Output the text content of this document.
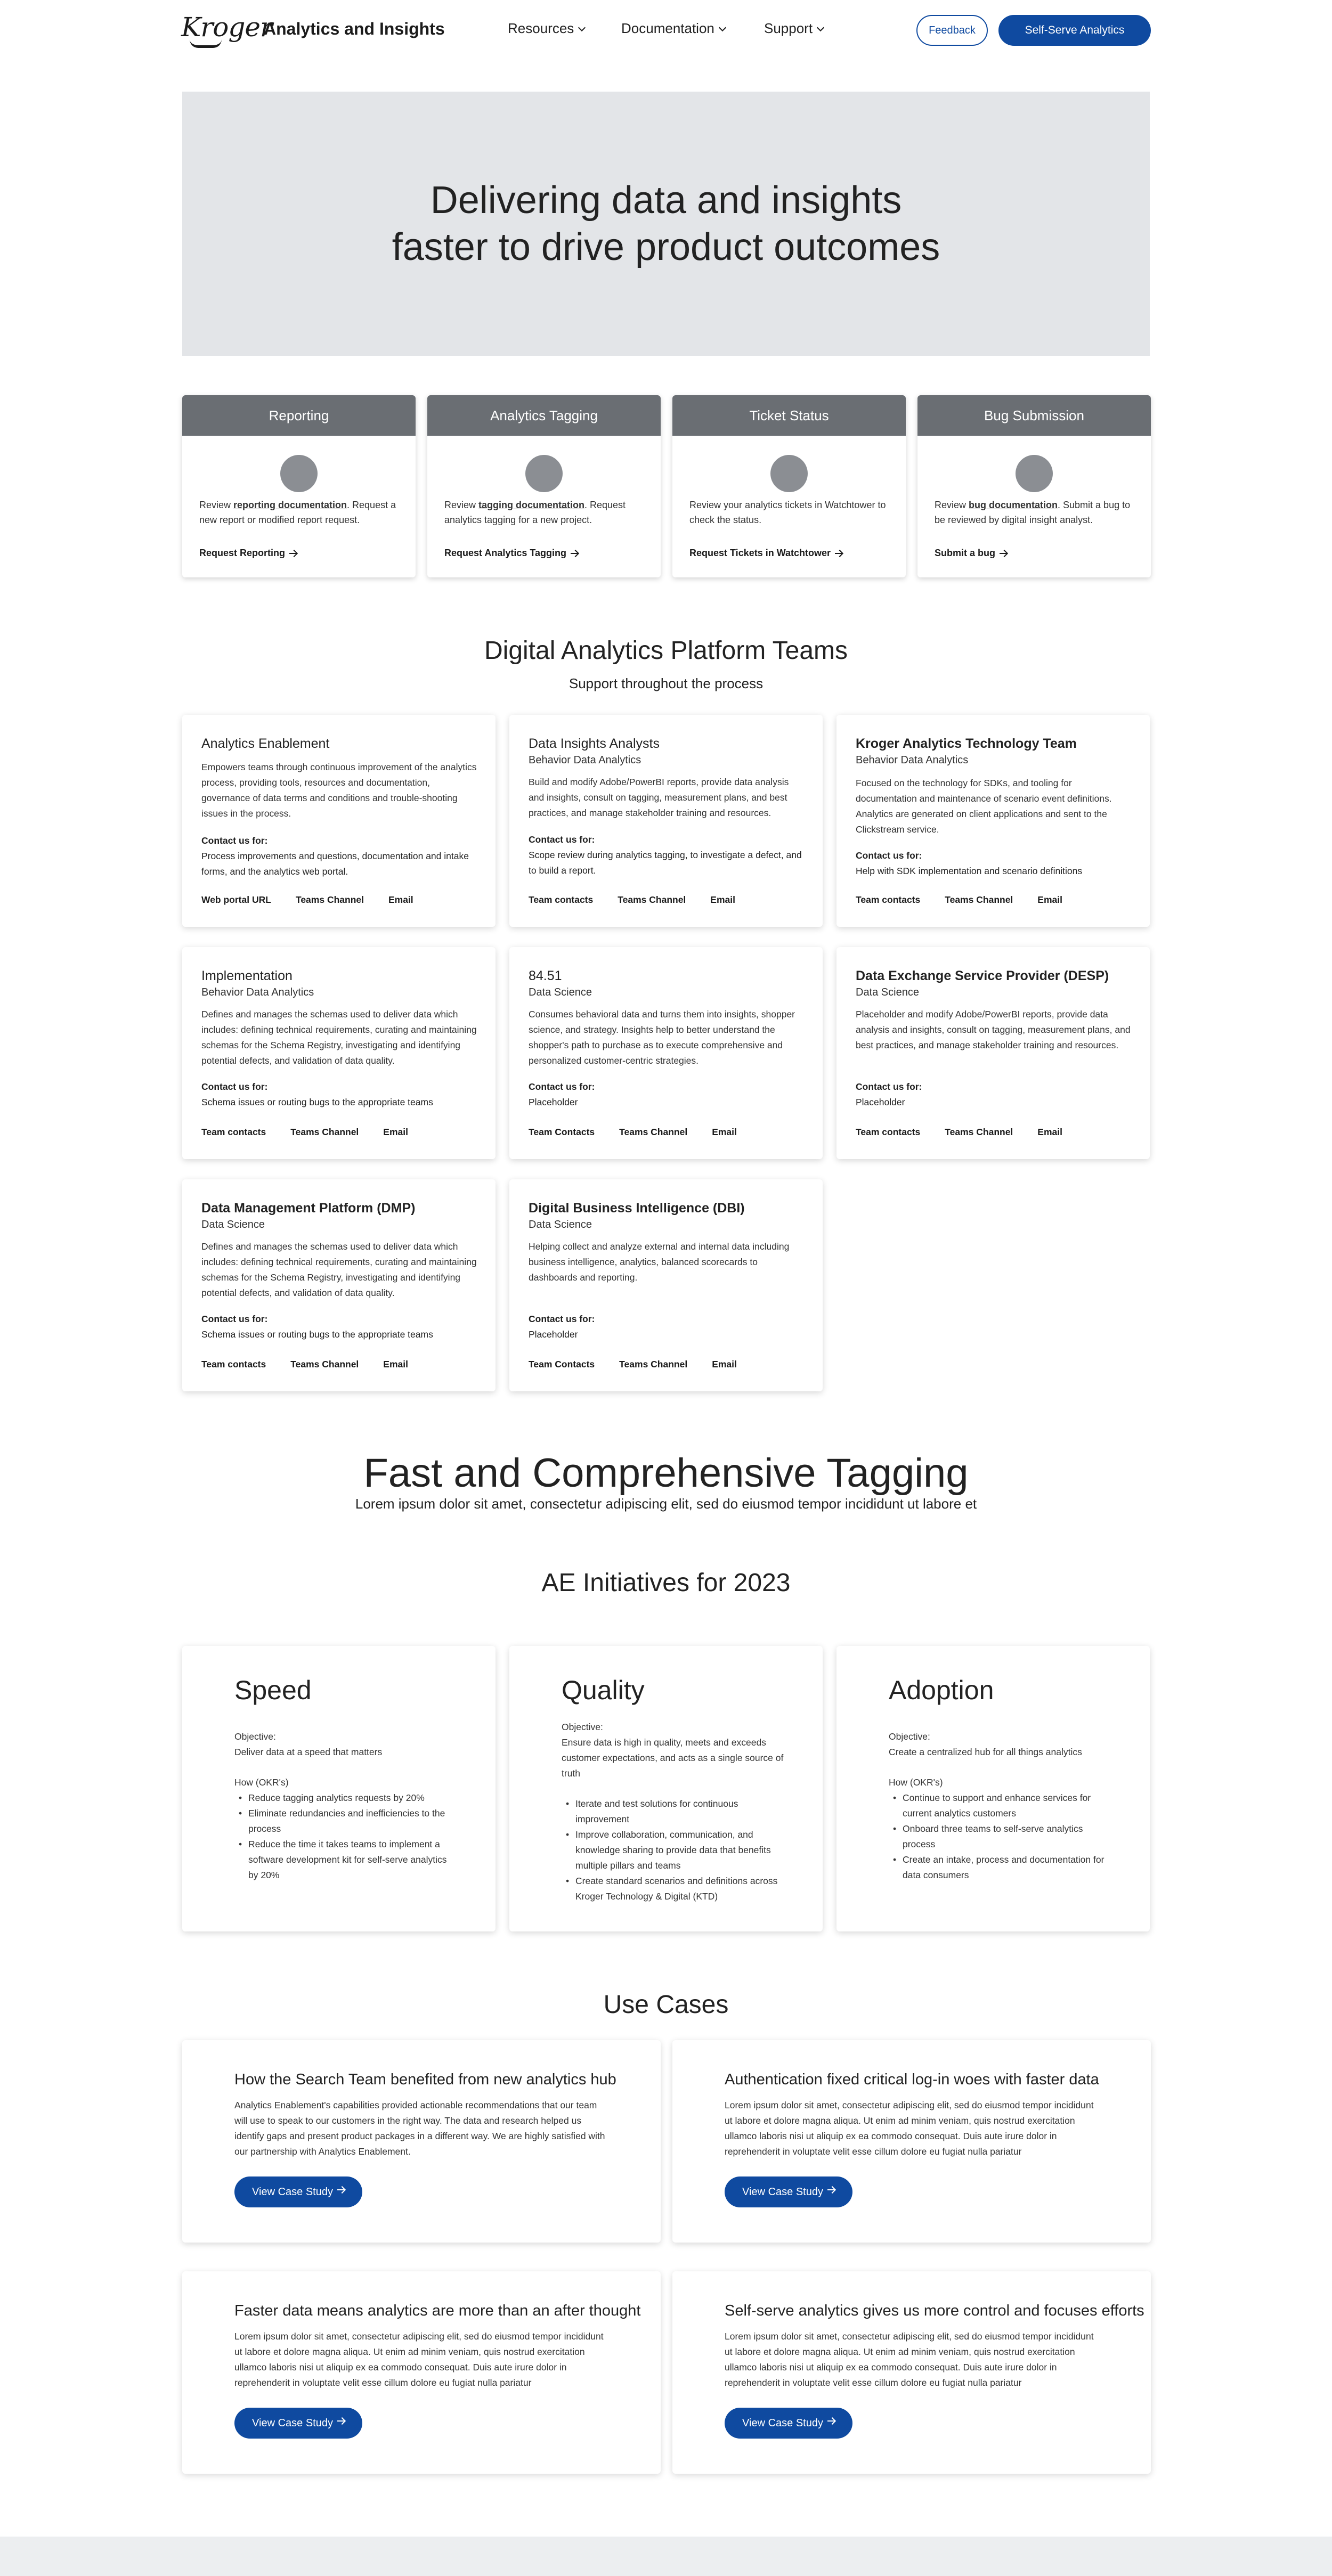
Kroger
Analytics and Insights	Resources	Documentation	Support	Feedback	Self-Serve Analytics
Delivering data and insights
faster to drive product outcomes
Reporting
Review reporting documentation. Request a new report or modified report request.
Request Reporting
Analytics Tagging
Review tagging documentation. Request analytics tagging for a new project.
Request Analytics Tagging
Ticket Status
Review your analytics tickets in Watchtower to check the status.
Request Tickets in Watchtower
Bug Submission
Review bug documentation. Submit a bug to be reviewed by digital insight analyst.
Submit a bug
Digital Analytics Platform Teams
Support throughout the process
Analytics Enablement
Empowers teams through continuous improvement of the analytics process, providing tools, resources and documentation, governance of data terms and conditions and trouble-shooting issues in the process.
Contact us for:
Process improvements and questions, documentation and intake forms, and the analytics web portal.
Web portal URL	Teams Channel	Email
Data Insights Analysts
Behavior Data Analytics
Build and modify Adobe/PowerBI reports, provide data analysis and insights, consult on tagging, measurement plans, and best practices, and manage stakeholder training and resources.
Contact us for:
Scope review during analytics tagging, to investigate a defect, and to build a report.
Team contacts	Teams Channel	Email
Kroger Analytics Technology Team
Behavior Data Analytics
Focused on the technology for SDKs, and tooling for documentation and maintenance of scenario event definitions. Analytics are generated on client applications and sent to the Clickstream service.
Contact us for:
Help with SDK implementation and scenario definitions
Team contacts	Teams Channel	Email
Implementation
Behavior Data Analytics
Defines and manages the schemas used to deliver data which includes: defining technical requirements, curating and maintaining schemas for the Schema Registry, investigating and identifying potential defects, and validation of data quality.
Contact us for:
Schema issues or routing bugs to the appropriate teams
Team contacts	Teams Channel	Email
84.51
Data Science
Consumes behavioral data and turns them into insights, shopper science, and strategy. Insights help to better understand the shopper's path to purchase as to execute comprehensive and personalized customer-centric strategies.
Contact us for:
Placeholder
Team Contacts	Teams Channel	Email
Data Exchange Service Provider (DESP)
Data Science
Placeholder and modify Adobe/PowerBI reports, provide data analysis and insights, consult on tagging, measurement plans, and best practices, and manage stakeholder training and resources.
Contact us for:
Placeholder
Team contacts	Teams Channel	Email
Data Management Platform (DMP)
Data Science
Defines and manages the schemas used to deliver data which includes: defining technical requirements, curating and maintaining schemas for the Schema Registry, investigating and identifying potential defects, and validation of data quality.
Contact us for:
Schema issues or routing bugs to the appropriate teams
Team contacts	Teams Channel	Email
Digital Business Intelligence (DBI)
Data Science
Helping collect and analyze external and internal data including business intelligence, analytics, balanced scorecards to dashboards and reporting.
Contact us for:
Placeholder
Team Contacts	Teams Channel	Email
Fast and Comprehensive Tagging
Lorem ipsum dolor sit amet, consectetur adipiscing elit, sed do eiusmod tempor incididunt ut labore et
AE Initiatives for 2023
Speed
Objective:
Deliver data at a speed that matters
How (OKR's)
• Reduce tagging analytics requests by 20%
• Eliminate redundancies and inefficiencies to the process
• Reduce the time it takes teams to implement a software development kit for self-serve analytics by 20%
Quality
Objective:
Ensure data is high in quality, meets and exceeds customer expectations, and acts as a single source of truth
• Iterate and test solutions for continuous improvement
• Improve collaboration, communication, and knowledge sharing to provide data that benefits multiple pillars and teams
• Create standard scenarios and definitions across Kroger Technology & Digital (KTD)
Adoption
Objective:
Create a centralized hub for all things analytics
How (OKR's)
• Continue to support and enhance services for current analytics customers
• Onboard three teams to self-serve analytics process
• Create an intake, process and documentation for data consumers
Use Cases
How the Search Team benefited from new analytics hub
Analytics Enablement's capabilities provided actionable recommendations that our team will use to speak to our customers in the right way. The data and research helped us identify gaps and present product packages in a different way. We are highly satisfied with our partnership with Analytics Enablement.
View Case Study
Authentication fixed critical log-in woes with faster data
Lorem ipsum dolor sit amet, consectetur adipiscing elit, sed do eiusmod tempor incididunt ut labore et dolore magna aliqua. Ut enim ad minim veniam, quis nostrud exercitation ullamco laboris nisi ut aliquip ex ea commodo consequat. Duis aute irure dolor in reprehenderit in voluptate velit esse cillum dolore eu fugiat nulla pariatur
View Case Study
Faster data means analytics are more than an after thought
Lorem ipsum dolor sit amet, consectetur adipiscing elit, sed do eiusmod tempor incididunt ut labore et dolore magna aliqua. Ut enim ad minim veniam, quis nostrud exercitation ullamco laboris nisi ut aliquip ex ea commodo consequat. Duis aute irure dolor in reprehenderit in voluptate velit esse cillum dolore eu fugiat nulla pariatur
View Case Study
Self-serve analytics gives us more control and focuses efforts
Lorem ipsum dolor sit amet, consectetur adipiscing elit, sed do eiusmod tempor incididunt ut labore et dolore magna aliqua. Ut enim ad minim veniam, quis nostrud exercitation ullamco laboris nisi ut aliquip ex ea commodo consequat. Duis aute irure dolor in reprehenderit in voluptate velit esse cillum dolore eu fugiat nulla pariatur
View Case Study
